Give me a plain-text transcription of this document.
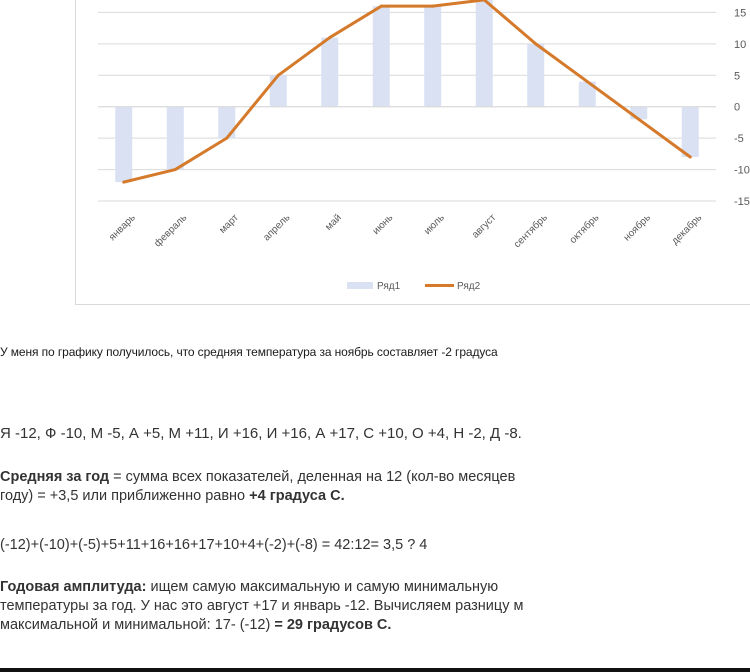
15
10
5
0
-5
-10
-15
январь февраль	март апрель	май	июнь	июль август сентябрь октябрь ноябрь декабрь
Ряд1	Ряд2

У меня по графику получилось, что средняя температура за ноябрь составляет -2 градуса

Я -12, Ф -10, М -5, А +5, М +11, И +16, И +16, А +17, С +10, О +4, Н -2, Д -8.

Средняя за год = сумма всех показателей, деленная на 12 (кол-во месяцев
году) = +3,5 или приближенно равно +4 градуса С.

(-12)+(-10)+(-5)+5+11+16+16+17+10+4+(-2)+(-8) = 42:12= 3,5 ? 4

Годовая амплитуда: ищем самую максимальную и самую минимальную
температуры за год. У нас это август +17 и январь -12. Вычисляем разницу м
максимальной и минимальной: 17- (-12) = 29 градусов С.
